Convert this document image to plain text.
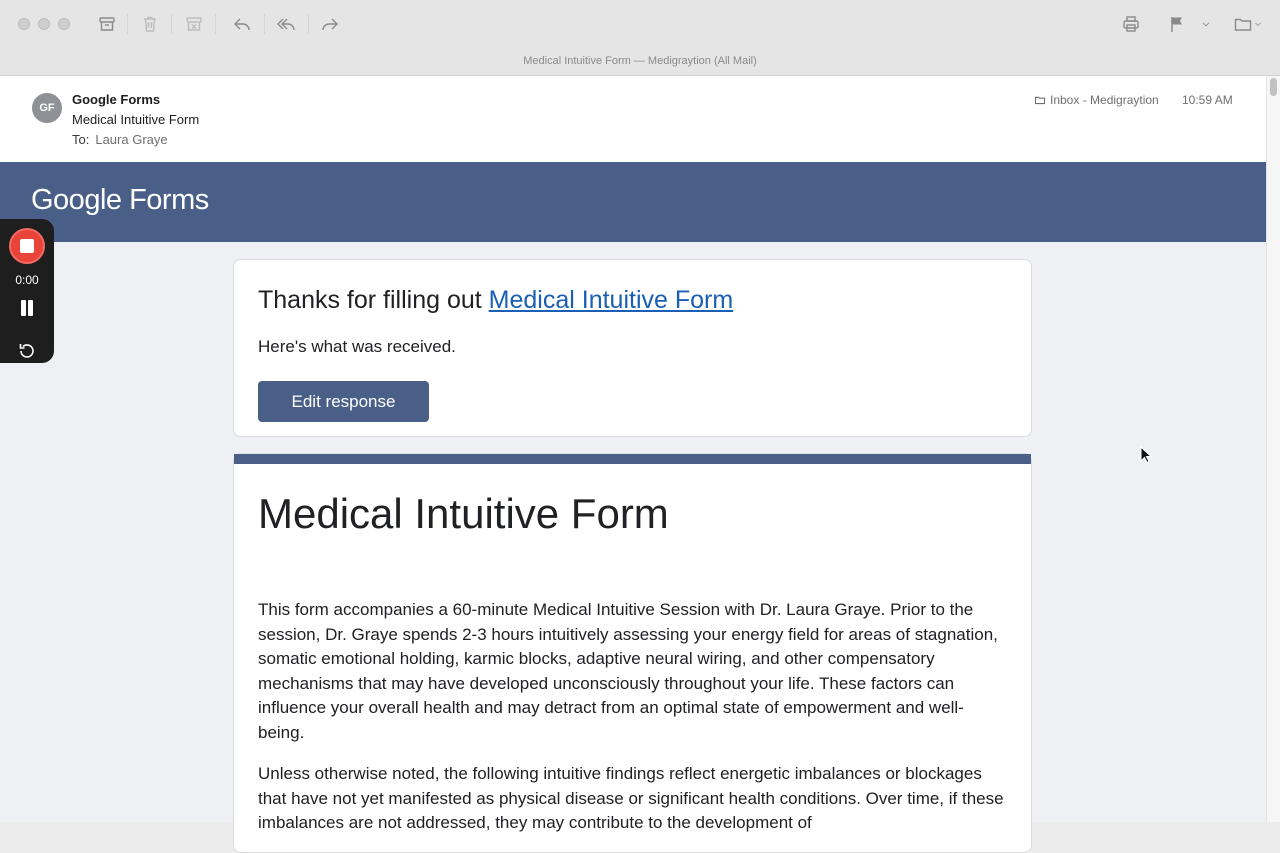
Medical Intuitive Form — Medigraytion (All Mail)
GF
Google Forms
Medical Intuitive Form
To: Laura Graye
Inbox - Medigraytion 10:59 AM
Google Forms
Thanks for filling out Medical Intuitive Form
Here's what was received.
Edit response
Medical Intuitive Form

This form accompanies a 60-minute Medical Intuitive Session with Dr. Laura Graye. Prior to the session, Dr. Graye spends 2-3 hours intuitively assessing your energy field for areas of stagnation, somatic emotional holding, karmic blocks, adaptive neural wiring, and other compensatory mechanisms that may have developed unconsciously throughout your life. These factors can influence your overall health and may detract from an optimal state of empowerment and well-being.

Unless otherwise noted, the following intuitive findings reflect energetic imbalances or blockages that have not yet manifested as physical disease or significant health conditions. Over time, if these imbalances are not addressed, they may contribute to the development of

0:00
